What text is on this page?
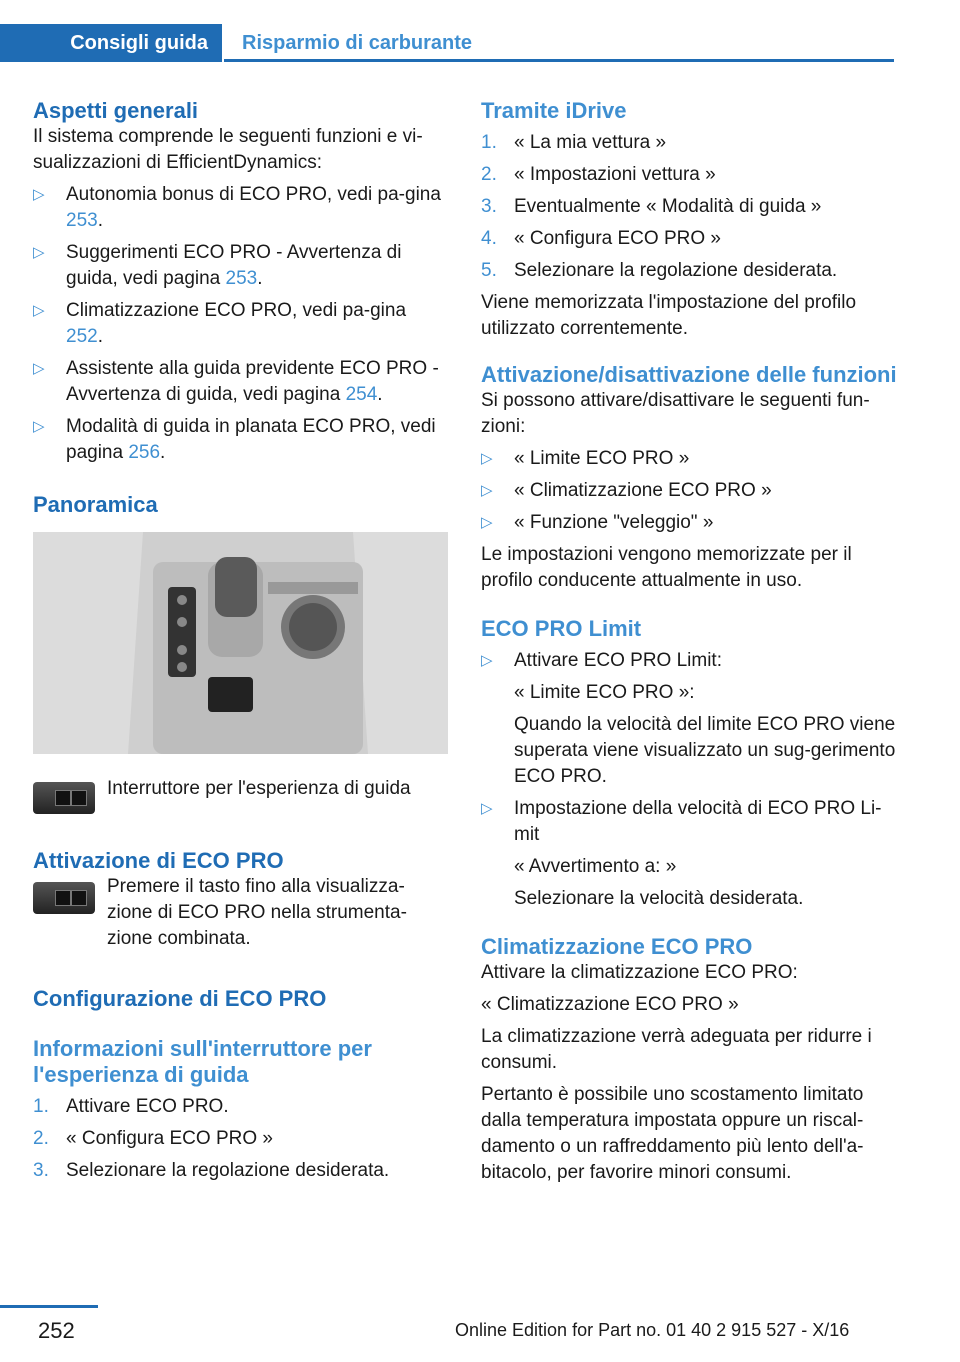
Consigli guida	Risparmio di carburante
Aspetti generali

Il sistema comprende le seguenti funzioni e vi-sualizzazioni di EfficientDynamics:

▷	Autonomia bonus di ECO PRO, vedi pa-gina 253.
▷	Suggerimenti ECO PRO - Avvertenza di guida, vedi pagina 253.
▷	Climatizzazione ECO PRO, vedi pa-gina 252.
▷	Assistente alla guida previdente ECO PRO - Avvertenza di guida, vedi pagina 254.
▷	Modalità di guida in planata ECO PRO, vedi pagina 256.
Panoramica

Interruttore per l'esperienza di guida

Attivazione di ECO PRO

Premere il tasto fino alla visualizza-zione di ECO PRO nella strumenta-zione combinata.

Configurazione di ECO PRO
Informazioni sull'interruttore per l'esperienza di guida
1. Attivare ECO PRO.
2. « Configura ECO PRO »
3. Selezionare la regolazione desiderata.
Tramite iDrive
1. « La mia vettura »
2. « Impostazioni vettura »
3. Eventualmente « Modalità di guida »
4. « Configura ECO PRO »
5. Selezionare la regolazione desiderata.

Viene memorizzata l'impostazione del profilo utilizzato correntemente.

Attivazione/disattivazione delle funzioni

Si possono attivare/disattivare le seguenti fun-zioni:

▷	« Limite ECO PRO »
▷	« Climatizzazione ECO PRO »
▷	« Funzione "veleggio" »

Le impostazioni vengono memorizzate per il profilo conducente attualmente in uso.

ECO PRO Limit
▷	Attivare ECO PRO Limit:

« Limite ECO PRO »:

Quando la velocità del limite ECO PRO viene superata viene visualizzato un sug-gerimento ECO PRO.

▷	Impostazione della velocità di ECO PRO Li-mit

« Avvertimento a: »

Selezionare la velocità desiderata.

Climatizzazione ECO PRO

Attivare la climatizzazione ECO PRO:

« Climatizzazione ECO PRO »

La climatizzazione verrà adeguata per ridurre i consumi.

Pertanto è possibile uno scostamento limitato dalla temperatura impostata oppure un riscal-damento o un raffreddamento più lento dell'a-bitacolo, per favorire minori consumi.

252	Online Edition for Part no. 01 40 2 915 527 - X/16
